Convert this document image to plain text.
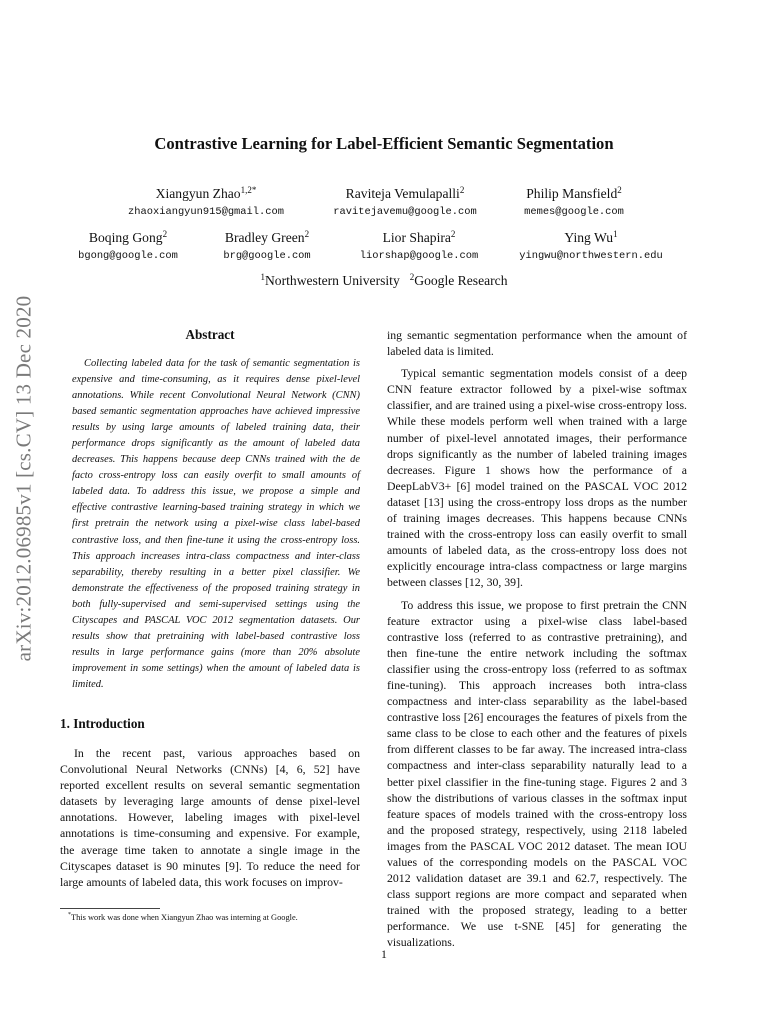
arXiv:2012.06985v1 [cs.CV] 13 Dec 2020
Contrastive Learning for Label-Efficient Semantic Segmentation
Xiangyun Zhao$^{1,2*}$
zhaoxiangyun915@gmail.com
Raviteja Vemulapalli$^2$
ravitejavemu@google.com
Philip Mansfield$^2$
memes@google.com
Boqing Gong$^2$
bgong@google.com
Bradley Green$^2$
brg@google.com
Lior Shapira$^2$
liorshap@google.com
Ying Wu$^1$
yingwu@northwestern.edu
$^1$Northwestern University $^2$Google Research
Abstract

Collecting labeled data for the task of semantic segmentation is expensive and time-consuming, as it requires dense pixel-level annotations. While recent Convolutional Neural Network (CNN) based semantic segmentation approaches have achieved impressive results by using large amounts of labeled training data, their performance drops significantly as the amount of labeled data decreases. This happens because deep CNNs trained with the de facto cross-entropy loss can easily overfit to small amounts of labeled data. To address this issue, we propose a simple and effective contrastive learning-based training strategy in which we first pretrain the network using a pixel-wise class label-based contrastive loss, and then fine-tune it using the cross-entropy loss. This approach increases intra-class compactness and inter-class separability, thereby resulting in a better pixel classifier. We demonstrate the effectiveness of the proposed training strategy in both fully-supervised and semi-supervised settings using the Cityscapes and PASCAL VOC 2012 segmentation datasets. Our results show that pretraining with label-based contrastive loss results in large performance gains (more than 20% absolute improvement in some settings) when the amount of labeled data is limited.

1. Introduction

In the recent past, various approaches based on Convolutional Neural Networks (CNNs) [4, 6, 52] have reported excellent results on several semantic segmentation datasets by leveraging large amounts of dense pixel-level annotations. However, labeling images with pixel-level annotations is time-consuming and expensive. For example, the average time taken to annotate a single image in the Cityscapes dataset is 90 minutes [9]. To reduce the need for large amounts of labeled data, this work focuses on improv-

ing semantic segmentation performance when the amount of labeled data is limited.

Typical semantic segmentation models consist of a deep CNN feature extractor followed by a pixel-wise softmax classifier, and are trained using a pixel-wise cross-entropy loss. While these models perform well when trained with a large number of pixel-level annotated images, their performance drops significantly as the number of labeled training images decreases. Figure 1 shows how the performance of a DeepLabV3+ [6] model trained on the PASCAL VOC 2012 dataset [13] using the cross-entropy loss drops as the number of training images decreases. This happens because CNNs trained with the cross-entropy loss can easily overfit to small amounts of labeled data, as the cross-entropy loss does not explicitly encourage intra-class compactness or large margins between classes [12, 30, 39].

To address this issue, we propose to first pretrain the CNN feature extractor using a pixel-wise class label-based contrastive loss (referred to as contrastive pretraining), and then fine-tune the entire network including the softmax classifier using the cross-entropy loss (referred to as softmax fine-tuning). This approach increases both intra-class compactness and inter-class separability as the label-based contrastive loss [26] encourages the features of pixels from the same class to be close to each other and the features of pixels from different classes to be far away. The increased intra-class compactness and inter-class separability naturally lead to a better pixel classifier in the fine-tuning stage. Figures 2 and 3 show the distributions of various classes in the softmax input feature spaces of models trained with the cross-entropy loss and the proposed strategy, respectively, using 2118 labeled images from the PASCAL VOC 2012 dataset. The mean IOU values of the corresponding models on the PASCAL VOC 2012 validation dataset are 39.1 and 62.7, respectively. The class support regions are more compact and separated when trained with the proposed strategy, leading to a better performance. We use t-SNE [45] for generating the visualizations.

*This work was done when Xiangyun Zhao was interning at Google.
1
